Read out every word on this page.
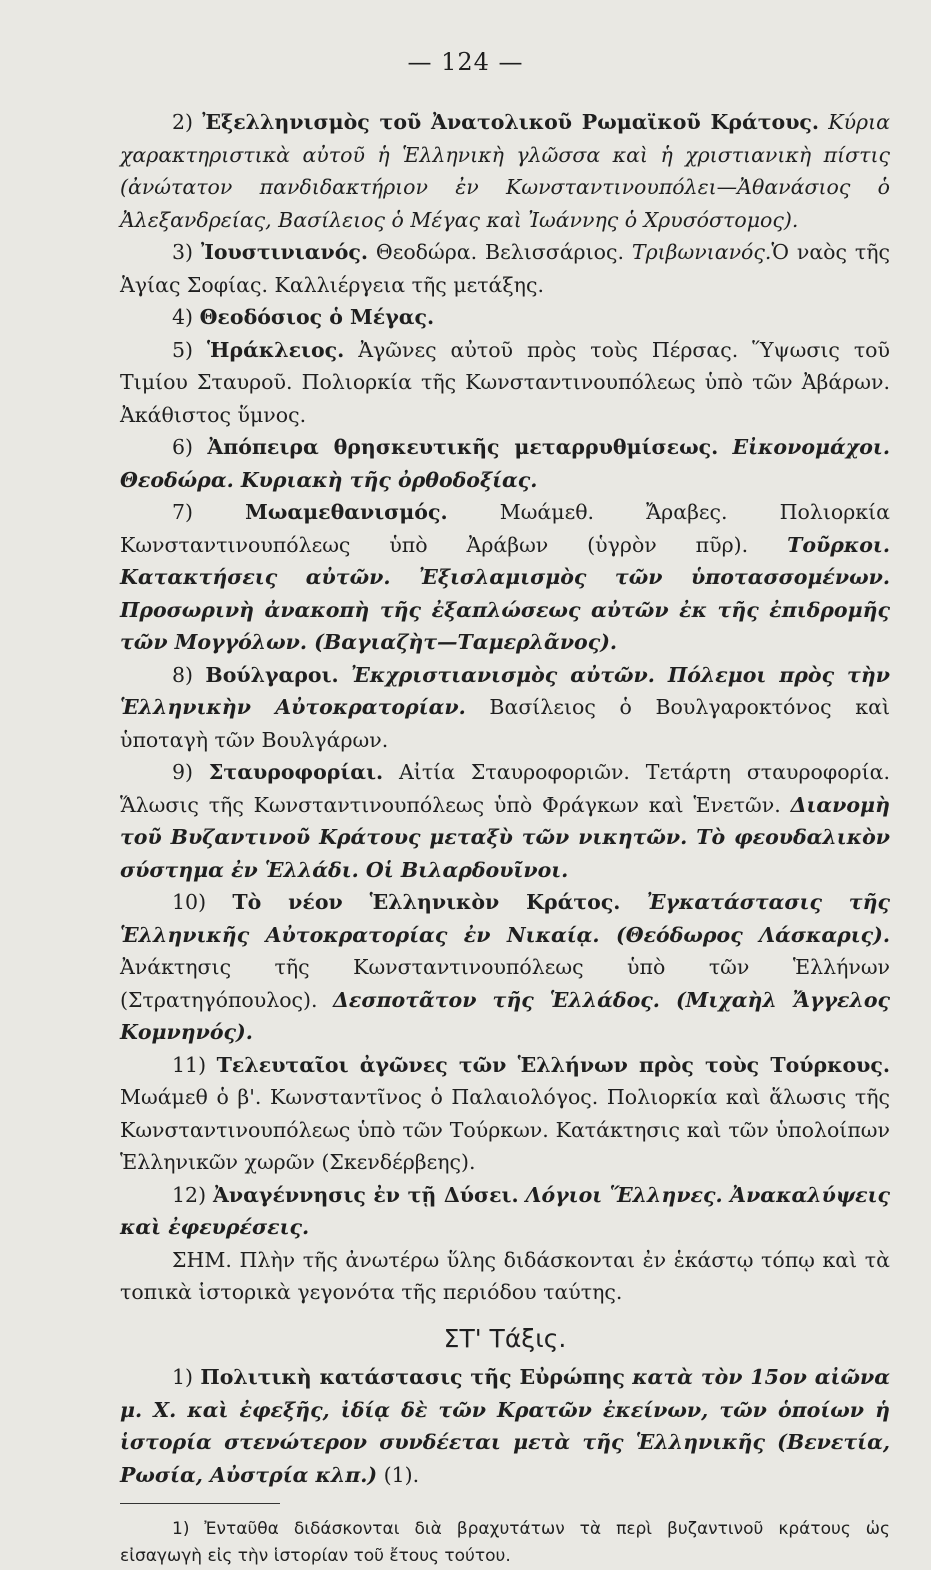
— 124 —

2) Ἐξελληνισμὸς τοῦ Ἀνατολικοῦ Ρωμαϊκοῦ Κράτους. Κύρια χαρακτηριστικὰ αὐτοῦ ἡ Ἑλληνικὴ γλῶσσα καὶ ἡ χριστιανικὴ πίστις (ἀνώτατον πανδιδακτήριον ἐν Κωνσταντινουπόλει—Ἀθανάσιος ὁ Ἀλεξανδρείας, Βασίλειος ὁ Μέγας καὶ Ἰωάννης ὁ Χρυσόστομος).

3) Ἰουστινιανός. Θεοδώρα. Βελισσάριος. Τριβωνιανός.Ὁ ναὸς τῆς Ἁγίας Σοφίας. Καλλιέργεια τῆς μετάξης.

4) Θεοδόσιος ὁ Μέγας.

5) Ἡράκλειος. Ἀγῶνες αὐτοῦ πρὸς τοὺς Πέρσας. Ὕψωσις τοῦ Τιμίου Σταυροῦ. Πολιορκία τῆς Κωνσταντινουπόλεως ὑπὸ τῶν Ἀβάρων. Ἀκάθιστος ὕμνος.

6) Ἀπόπειρα θρησκευτικῆς μεταρρυθμίσεως. Εἰκονομάχοι. Θεοδώρα. Κυριακὴ τῆς ὀρθοδοξίας.

7)	Μωαμεθανισμός.	Μωάμεθ. Ἄραβες. Πολιορκία Κωνσταντινουπόλεως ὑπὸ Ἀράβων (ὑγρὸν πῦρ). Τοῦρκοι. Κατακτήσεις αὐτῶν. Ἐξισλαμισμὸς τῶν ὑποτασσομένων. Προσωρινὴ ἀνακοπὴ τῆς ἐξαπλώσεως αὐτῶν ἐκ τῆς ἐπιδρομῆς τῶν Μογγόλων. (Βαγιαζὴτ—Ταμερλᾶνος).

8) Βούλγαροι. Ἐκχριστιανισμὸς αὐτῶν. Πόλεμοι πρὸς τὴν Ἑλληνικὴν Αὐτοκρατορίαν. Βασίλειος ὁ Βουλγαροκτόνος καὶ ὑποταγὴ τῶν Βουλγάρων.

9) Σταυροφορίαι. Αἰτία Σταυροφοριῶν. Τετάρτη σταυροφορία. Ἅλωσις τῆς Κωνσταντινουπόλεως ὑπὸ Φράγκων καὶ Ἑνετῶν. Διανομὴ τοῦ Βυζαντινοῦ Κράτους μεταξὺ τῶν νικητῶν. Τὸ φεουδαλικὸν σύστημα ἐν Ἑλλάδι. Οἱ Βιλαρδουῖνοι.

10) Τὸ νέον Ἑλληνικὸν Κράτος. Ἐγκατάστασις τῆς Ἑλληνικῆς Αὐτοκρατορίας ἐν Νικαίᾳ. (Θεόδωρος Λάσκαρις). Ἀνάκτησις τῆς Κωνσταντινουπόλεως ὑπὸ τῶν Ἑλλήνων (Στρατηγόπουλος). Δεσποτᾶτον τῆς Ἑλλάδος. (Μιχαὴλ Ἄγγελος Κομνηνός).

11) Τελευταῖοι ἀγῶνες τῶν Ἑλλήνων πρὸς τοὺς Τούρκους. Μωάμεθ ὁ β'. Κωνσταντῖνος ὁ Παλαιολόγος. Πολιορκία καὶ ἅλωσις τῆς Κωνσταντινουπόλεως ὑπὸ τῶν Τούρκων. Κατάκτησις καὶ τῶν ὑπολοίπων Ἑλληνικῶν χωρῶν (Σκενδέρβεης).

12) Ἀναγέννησις ἐν τῇ Δύσει. Λόγιοι Ἕλληνες. Ἀνακαλύψεις καὶ ἐφευρέσεις.

ΣΗΜ. Πλὴν τῆς ἀνωτέρω ὕλης διδάσκονται ἐν ἑκάστῳ τόπῳ καὶ τὰ τοπικὰ ἱστορικὰ γεγονότα τῆς περιόδου ταύτης.

ΣΤ' Τάξις.

1) Πολιτικὴ κατάστασις τῆς Εὐρώπης κατὰ τὸν 15ον αἰῶνα μ. Χ. καὶ ἐφεξῆς, ἰδίᾳ δὲ τῶν Κρατῶν ἐκείνων, τῶν ὁποίων ἡ ἱστορία στενώτερον συνδέεται μετὰ τῆς Ἑλληνικῆς (Βενετία, Ρωσία, Αὐστρία κλπ.) (1).

1) Ἐνταῦθα διδάσκονται διὰ βραχυτάτων τὰ περὶ βυζαντινοῦ κράτους ὡς εἰσαγωγὴ εἰς τὴν ἱστορίαν τοῦ ἔτους τούτου.
